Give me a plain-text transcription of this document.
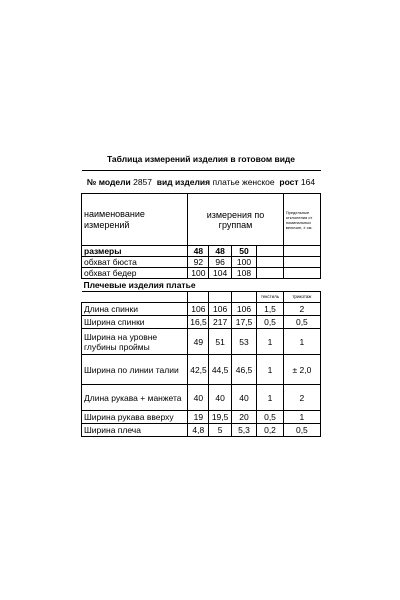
Таблица измерений изделия в готовом виде					
№ модели 2857 вид изделия платье женское рост 164					
наименование измерений	измерения по группам				Предельные отклонения от номинальных величин, ± см.
размеры	48	48	50		
обхват бюста	92	96	100		
обхват бедер	100	104	108		
Плечевые изделия платье					
				текстиль	трикотаж
Длина спинки	106	106	106	1,5	2
Ширина спинки	16,5	217	17,5	0,5	0,5
Ширина на уровне глубины проймы	49	51	53	1	1
Ширина по линии талии	42,5	44,5	46,5	1	± 2,0
Длина рукава + манжета	40	40	40	1	2
Ширина рукава вверху	19	19,5	20	0,5	1
Ширина плеча	4,8	5	5,3	0,2	0,5
